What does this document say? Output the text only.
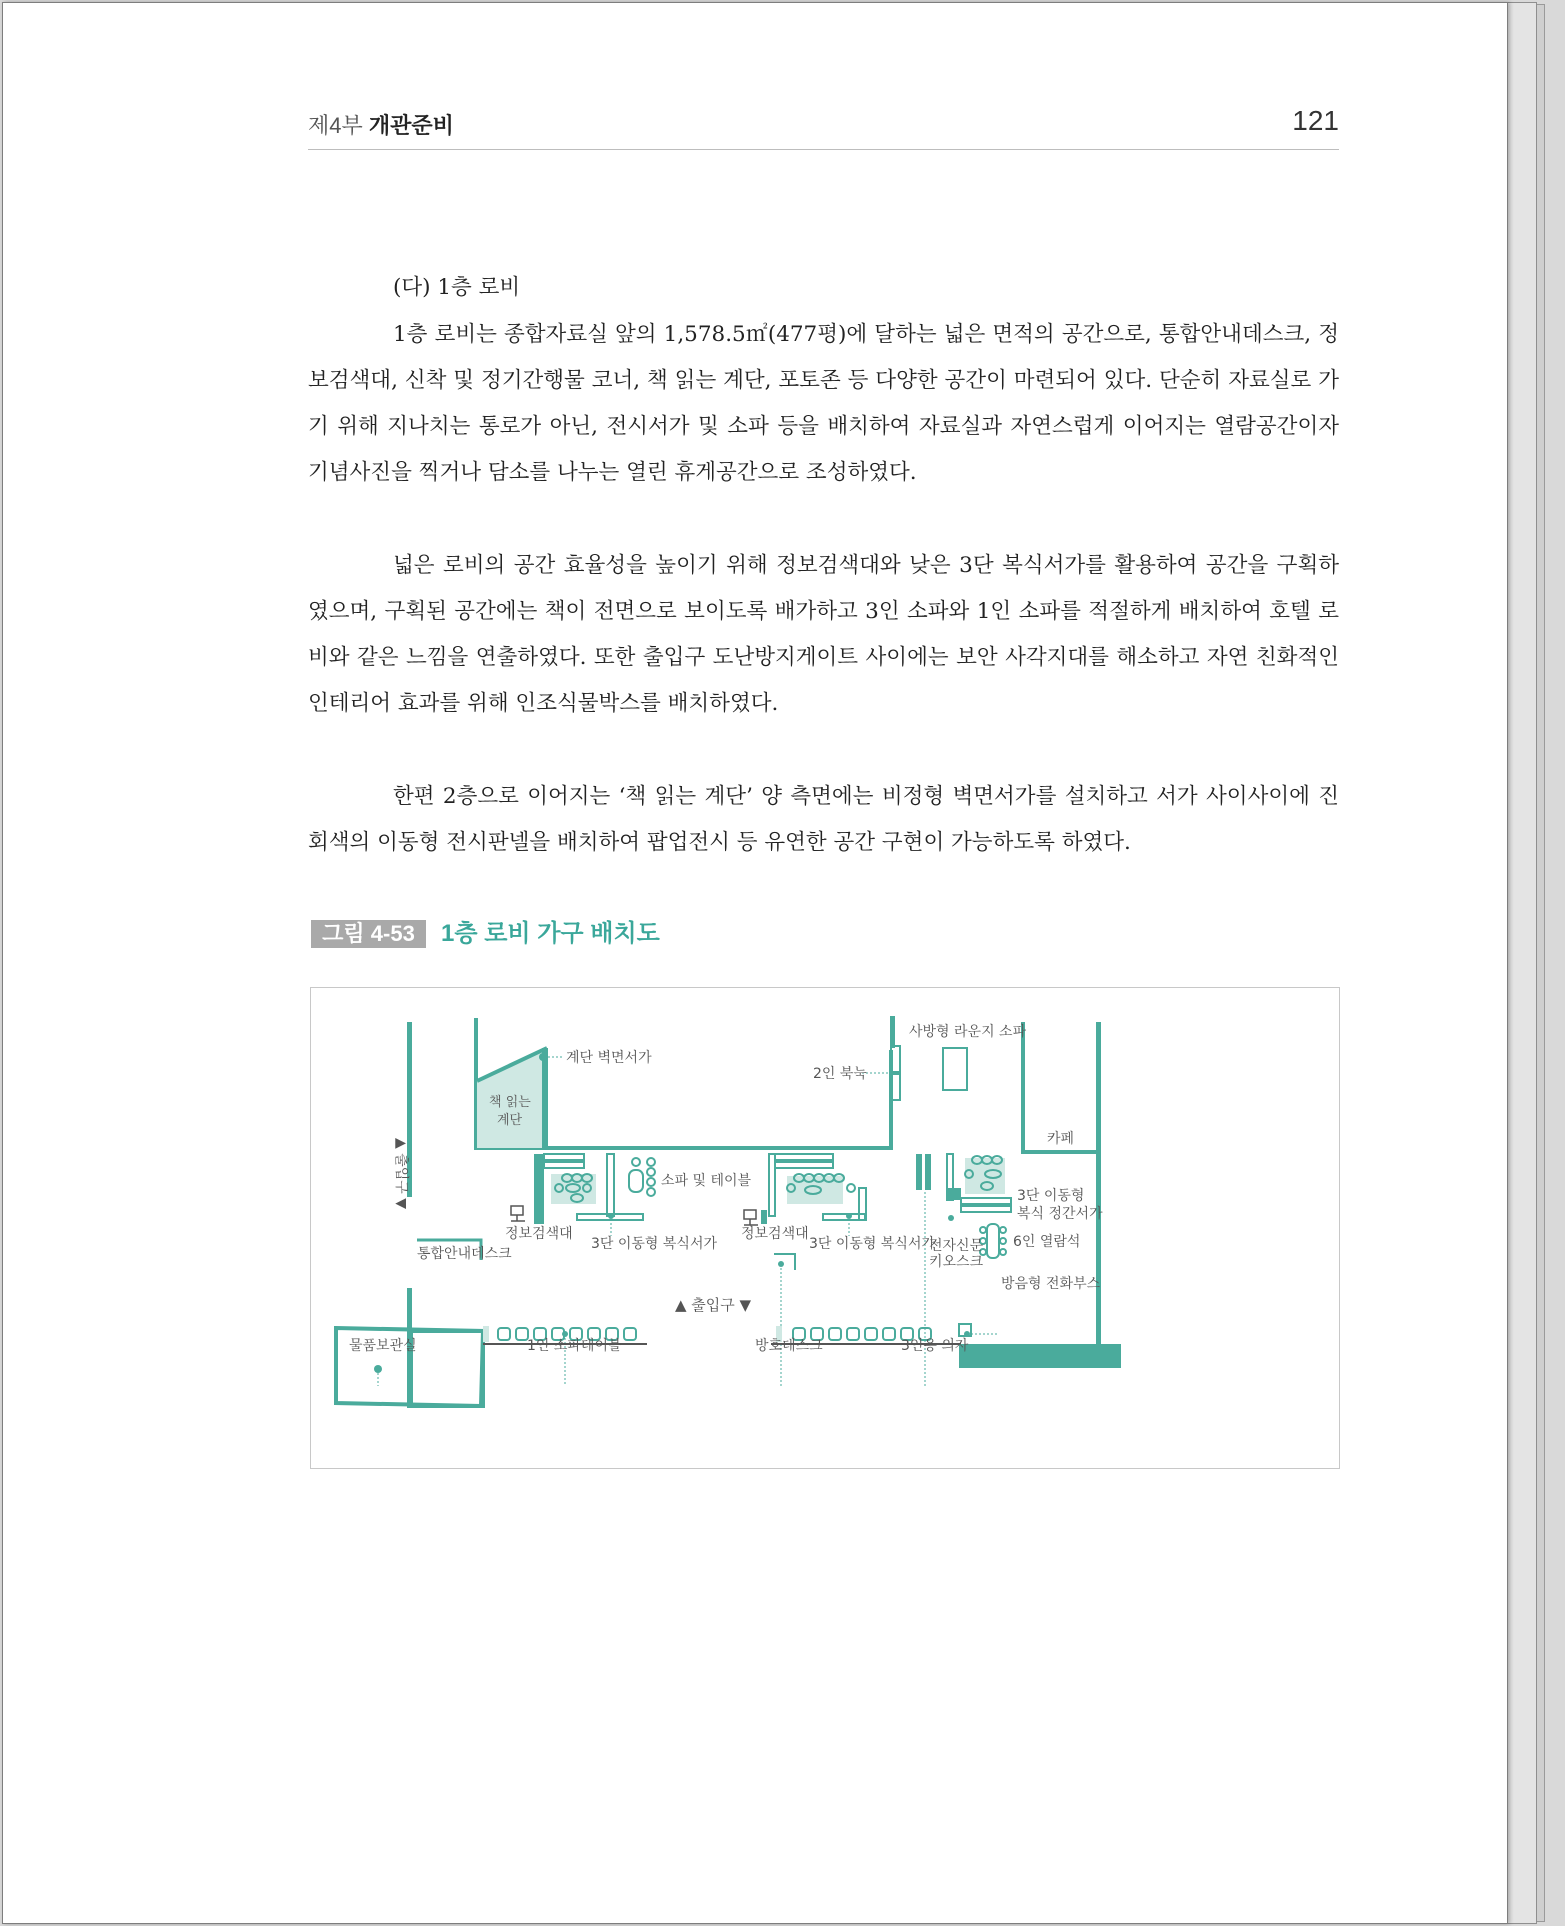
제4부 개관준비	121
(다) 1층 로비

1층 로비는 종합자료실 앞의 1,578.5㎡(477평)에 달하는 넓은 면적의 공간으로, 통합안내데스크, 정보검색대, 신착 및 정기간행물 코너, 책 읽는 계단, 포토존 등 다양한 공간이 마련되어 있다. 단순히 자료실로 가기 위해 지나치는 통로가 아닌, 전시서가 및 소파 등을 배치하여 자료실과 자연스럽게 이어지는 열람공간이자 기념사진을 찍거나 담소를 나누는 열린 휴게공간으로 조성하였다.

넓은 로비의 공간 효율성을 높이기 위해 정보검색대와 낮은 3단 복식서가를 활용하여 공간을 구획하였으며, 구획된 공간에는 책이 전면으로 보이도록 배가하고 3인 소파와 1인 소파를 적절하게 배치하여 호텔 로비와 같은 느낌을 연출하였다. 또한 출입구 도난방지게이트 사이에는 보안 사각지대를 해소하고 자연 친화적인 인테리어 효과를 위해 인조식물박스를 배치하였다.

한편 2층으로 이어지는 ‘책 읽는 계단’ 양 측면에는 비정형 벽면서가를 설치하고 서가 사이사이에 진회색의 이동형 전시판넬을 배치하여 팝업전시 등 유연한 공간 구현이 가능하도록 하였다.

그림 4-53	1층 로비 가구 배치도
계단 벽면서가
책 읽는
계단
2인 북눅
사방형 라운지 소파
카페
▲ 출입구 ▼	소파 및 테이블
정보검색대
3단 이동형 복식서가
정보검색대
3단 이동형 복식서가
3단 이동형
복식 정간서가
통합안내데스크	전자신문
키오스크
6인 열람석
방음형 전화부스
포토존
▲ 출입구 ▼
물품보관실	1인 소파테이블	방호데스크	3인용 의자
